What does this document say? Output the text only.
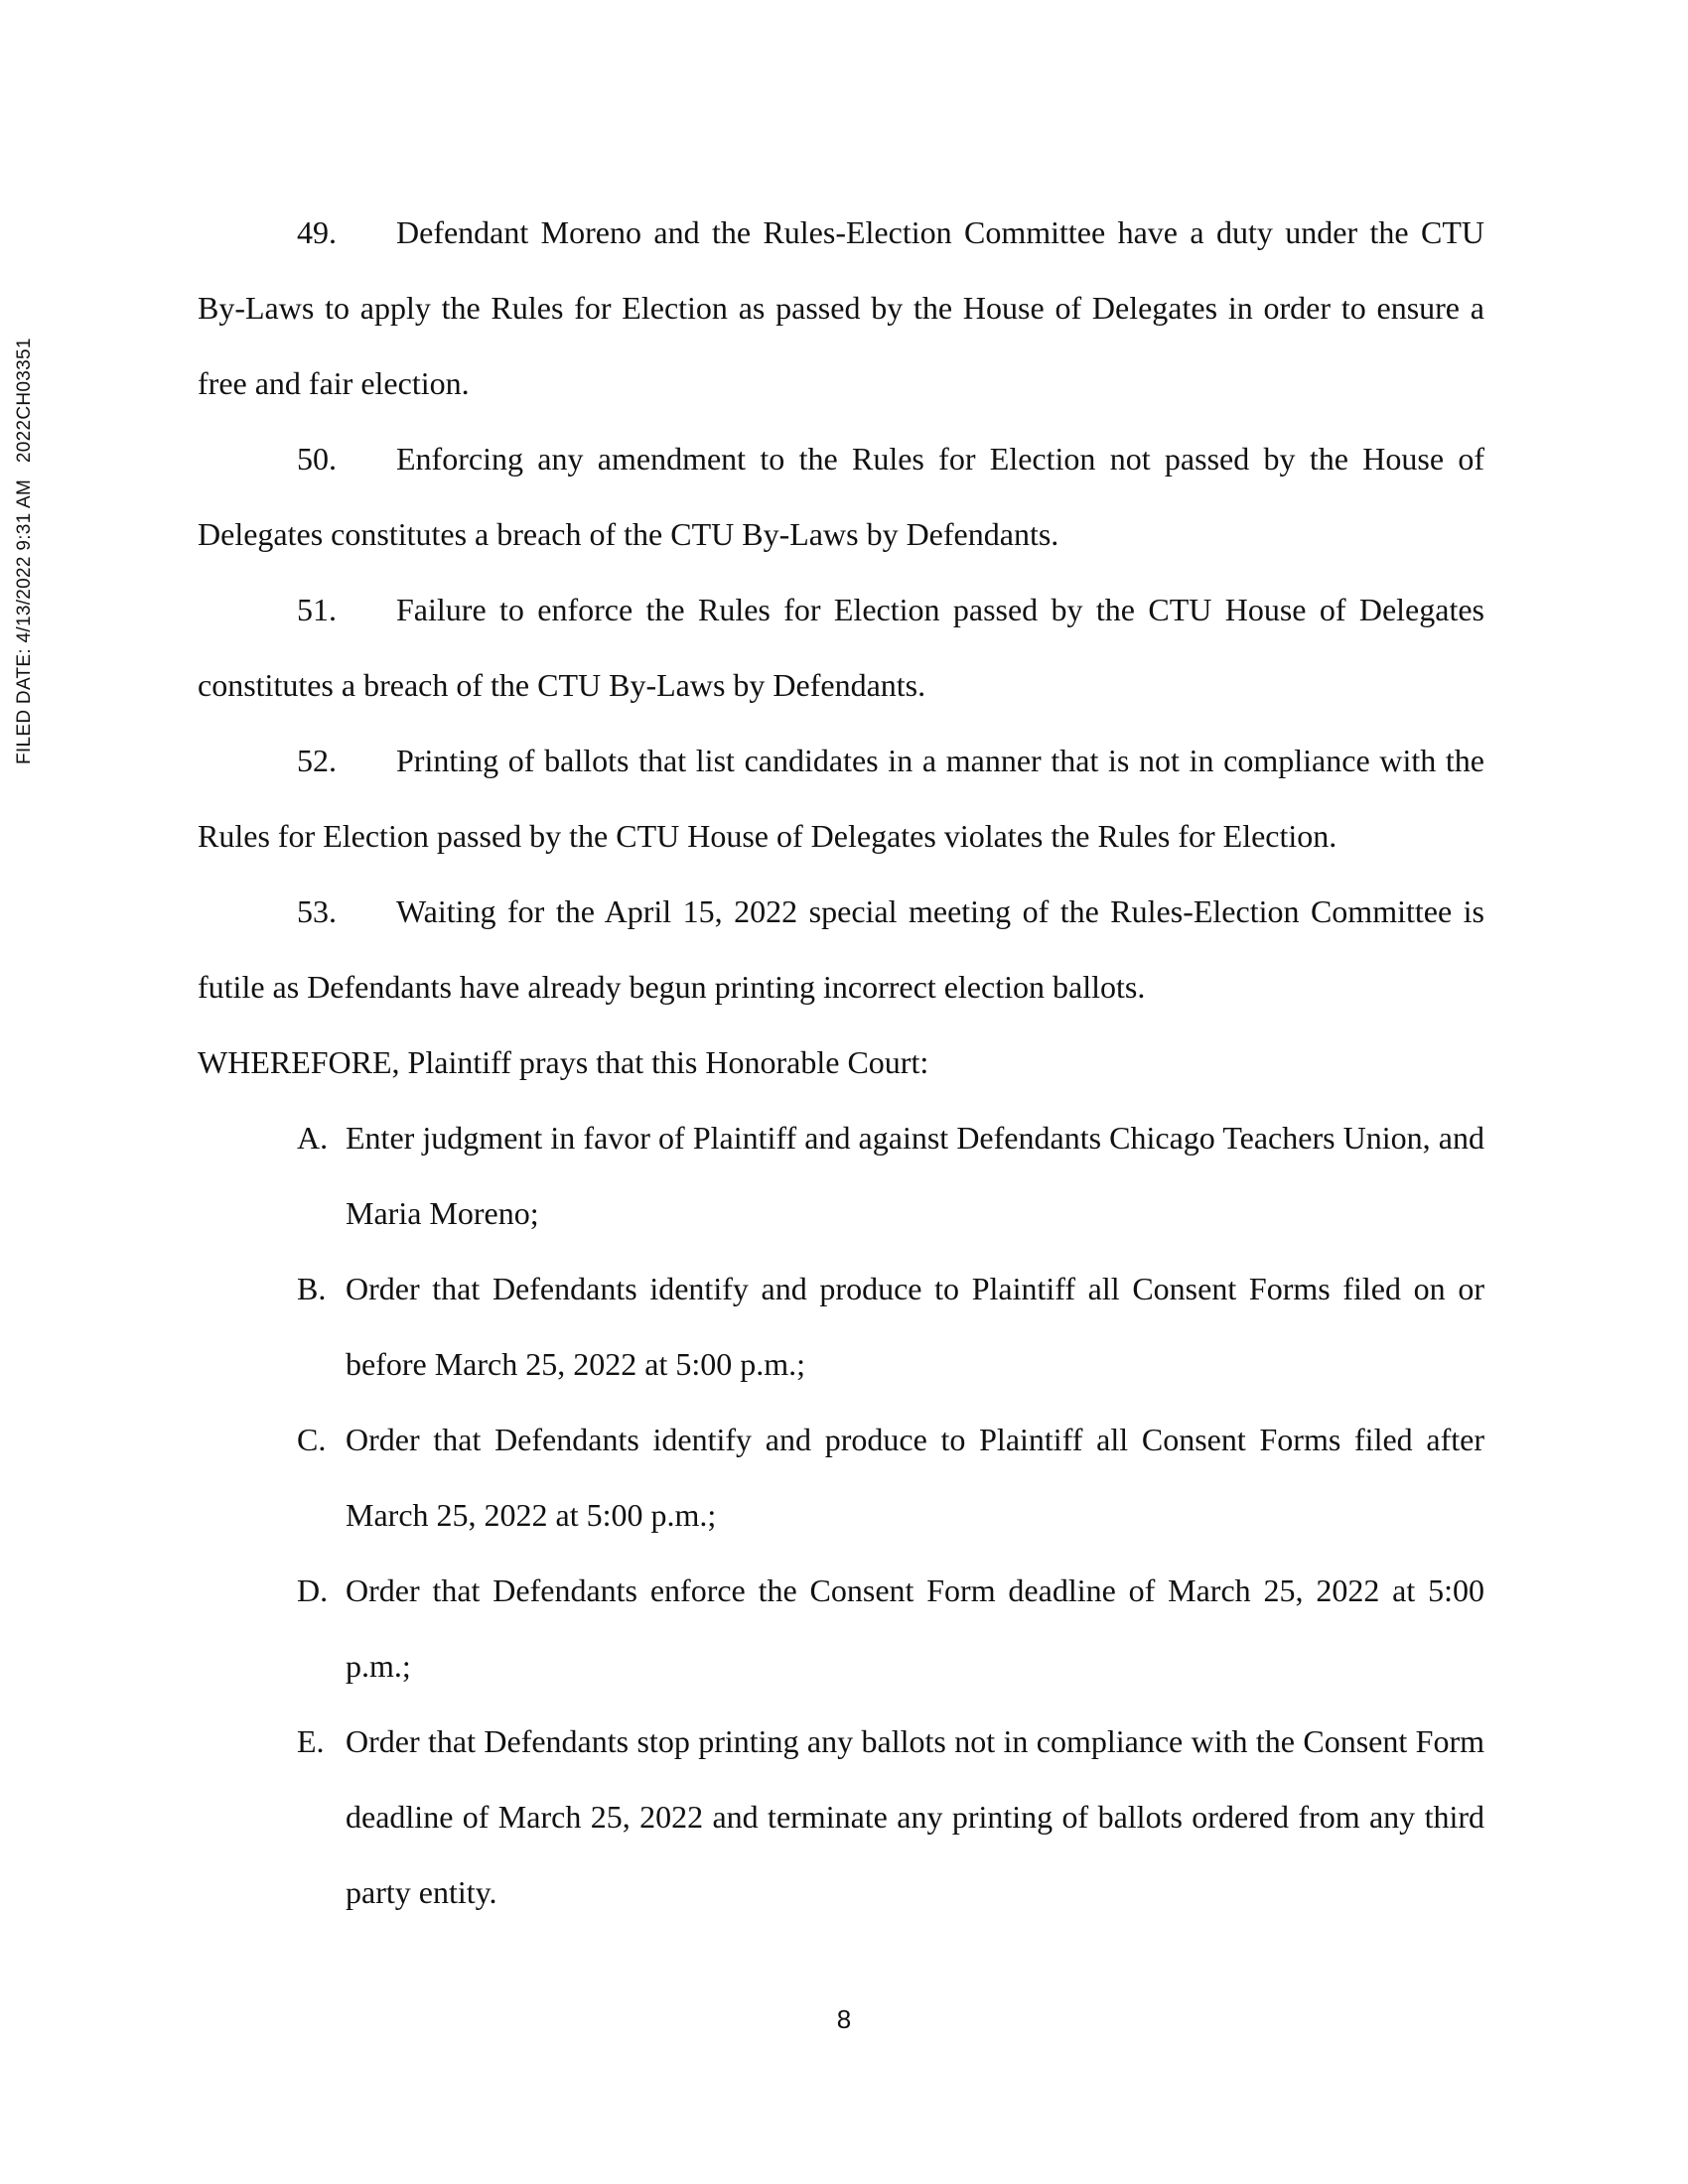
FILED DATE: 4/13/2022 9:31 AM   2022CH03351

49. Defendant Moreno and the Rules-Election Committee have a duty under the CTU By-Laws to apply the Rules for Election as passed by the House of Delegates in order to ensure a free and fair election.

50. Enforcing any amendment to the Rules for Election not passed by the House of Delegates constitutes a breach of the CTU By-Laws by Defendants.

51. Failure to enforce the Rules for Election passed by the CTU House of Delegates constitutes a breach of the CTU By-Laws by Defendants.

52. Printing of ballots that list candidates in a manner that is not in compliance with the Rules for Election passed by the CTU House of Delegates violates the Rules for Election.

53. Waiting for the April 15, 2022 special meeting of the Rules-Election Committee is futile as Defendants have already begun printing incorrect election ballots.

WHEREFORE, Plaintiff prays that this Honorable Court:

A. Enter judgment in favor of Plaintiff and against Defendants Chicago Teachers Union, and Maria Moreno;
B. Order that Defendants identify and produce to Plaintiff all Consent Forms filed on or before March 25, 2022 at 5:00 p.m.;
C. Order that Defendants identify and produce to Plaintiff all Consent Forms filed after March 25, 2022 at 5:00 p.m.;
D. Order that Defendants enforce the Consent Form deadline of March 25, 2022 at 5:00 p.m.;
E. Order that Defendants stop printing any ballots not in compliance with the Consent Form deadline of March 25, 2022 and terminate any printing of ballots ordered from any third party entity.
8
